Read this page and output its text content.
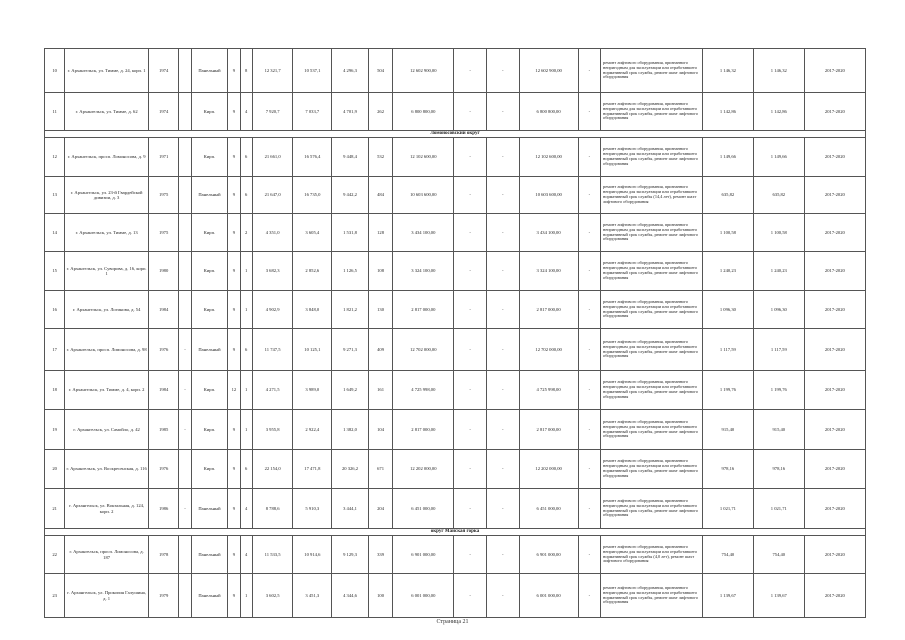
10	г. Архангельск, ул. Тимме, д. 24, корп. 1	1974		Панельный	9	8	12 321,7	10 537,1	4 296,3	504	12 602 900,00	-	-	12 602 900,00	-	ремонт лифтового оборудования, признанного непригодным для эксплуатации или отработавшего нормативный срок службы, ремонт шахт лифтового оборудования	1 146,32	1 146,32	2017-2020
11	г. Архангельск, ул. Тимме, д. 62	1974		Кирп.	9	4	7 920,7	7 033,7	4 701,9	262	6 800 800,00	-	-	6 800 800,00	-	ремонт лифтового оборудования, признанного непригодным для эксплуатации или отработавшего нормативный срок службы, ремонт шахт лифтового оборудования	1 142,86	1 142,86	2017-2020
Ломоносовский округ																			
12	г. Архангельск, просп. Ломоносова, д. 9	1971		Кирп.	9	6	21 661,0	16 576,4	9 448,4	532	12 102 600,00	-	-	12 102 600,00	-	ремонт лифтового оборудования, признанного непригодным для эксплуатации или отработавшего нормативный срок службы, ремонт шахт лифтового оборудования	1 149,66	1 149,66	2017-2020
13	г. Архангельск, ул. 23-й Гвардейской дивизии, д. 3	1975		Панельный	9	6	21 647,0	16 735,0	9 442,2	484	10 603 600,00	-	-	10 603 600,00	-	ремонт лифтового оборудования, признанного непригодным для эксплуатации или отработавшего нормативный срок службы (14,4 лет), ремонт шахт лифтового оборудования	635,82	635,82	2017-2020
14	г. Архангельск, ул. Тимме, д. 13	1975		Кирп.	9	2	4 351,0	3 605,4	1 531,8	128	3 434 100,00	-	-	3 434 100,00	-	ремонт лифтового оборудования, признанного непригодным для эксплуатации или отработавшего нормативный срок службы, ремонт шахт лифтового оборудования	1 100,58	1 100,58	2017-2020
15	г. Архангельск, ул. Суворова, д. 16, корп. 1	1980		Кирп.	9	1	3 682,3	2 852,6	1 126,5	108	3 324 100,00	-	-	3 324 100,00	-	ремонт лифтового оборудования, признанного непригодным для эксплуатации или отработавшего нормативный срок службы, ремонт шахт лифтового оборудования	1 240,23	1 240,23	2017-2020
16	г. Архангельск, ул. Логинова, д. 54	1984		Кирп.	9	1	4 902,9	3 848,0	1 821,2	130	2 817 000,00	-	-	2 817 000,00	-	ремонт лифтового оборудования, признанного непригодным для эксплуатации или отработавшего нормативный срок службы, ремонт шахт лифтового оборудования	1 096,30	1 096,30	2017-2020
17	г. Архангельск, просп. Ломоносова, д. 98	1976	-	Панельный	9	6	11 747,5	10 125,1	9 271,3	409	12 702 000,00	-	-	12 702 000,00	-	ремонт лифтового оборудования, признанного непригодным для эксплуатации или отработавшего нормативный срок службы, ремонт шахт лифтового оборудования	1 117,59	1 117,59	2017-2020
18	г. Архангельск, ул. Тимме, д. 4, корп. 2	1984	-	Кирп.	12	1	4 271,5	3 989,0	1 649,2	161	4 725 998,00	-	-	4 725 998,00	-	ремонт лифтового оборудования, признанного непригодным для эксплуатации или отработавшего нормативный срок службы, ремонт шахт лифтового оборудования	1 199,76	1 199,76	2017-2020
19	г. Архангельск, ул. Самойло, д. 42	1985	-	Кирп.	9	1	3 955,8	2 922,4	1 382,0	104	2 817 000,00	-	-	2 817 000,00	-	ремонт лифтового оборудования, признанного непригодным для эксплуатации или отработавшего нормативный срок службы, ремонт шахт лифтового оборудования	915,40	915,40	2017-2020
20	г. Архангельск, ул. Воскресенская, д. 116	1976		Кирп.	9	6	22 154,0	17 471,8	20 326,2	671	12 202 000,00	-	-	12 202 000,00	-	ремонт лифтового оборудования, признанного непригодным для эксплуатации или отработавшего нормативный срок службы, ремонт шахт лифтового оборудования	978,16	978,16	2017-2020
21	г. Архангельск, ул. Вокзальная, д. 124, корп. 2	1986	-	Панельный	9	4	8 788,6	5 910,3	3 444,1	204	6 451 000,00	-	-	6 451 000,00	-	ремонт лифтового оборудования, признанного непригодным для эксплуатации или отработавшего нормативный срок службы, ремонт шахт лифтового оборудования	1 021,71	1 021,71	2017-2020
округ Майская горка																			
22	г. Архангельск, просп. Ломоносова, д. 187	1978		Панельный	9	4	11 533,5	10 914,6	9 129,3	339	6 901 000,00	-	-	6 901 000,00	-	ремонт лифтового оборудования, признанного непригодным для эксплуатации или отработавшего нормативный срок службы (4,0 лет), ремонт шахт лифтового оборудования	754,40	754,40	2017-2020
23	г. Архангельск, ул. Прокопия Галушина, д. 1	1979		Панельный	9	1	3 602,5	3 451,3	4 344,6	100	6 001 000,00	-	-	6 001 000,00	-	ремонт лифтового оборудования, признанного непригодным для эксплуатации или отработавшего нормативный срок службы, ремонт шахт лифтового оборудования	1 139,67	1 139,67	2017-2020
Страница 21
